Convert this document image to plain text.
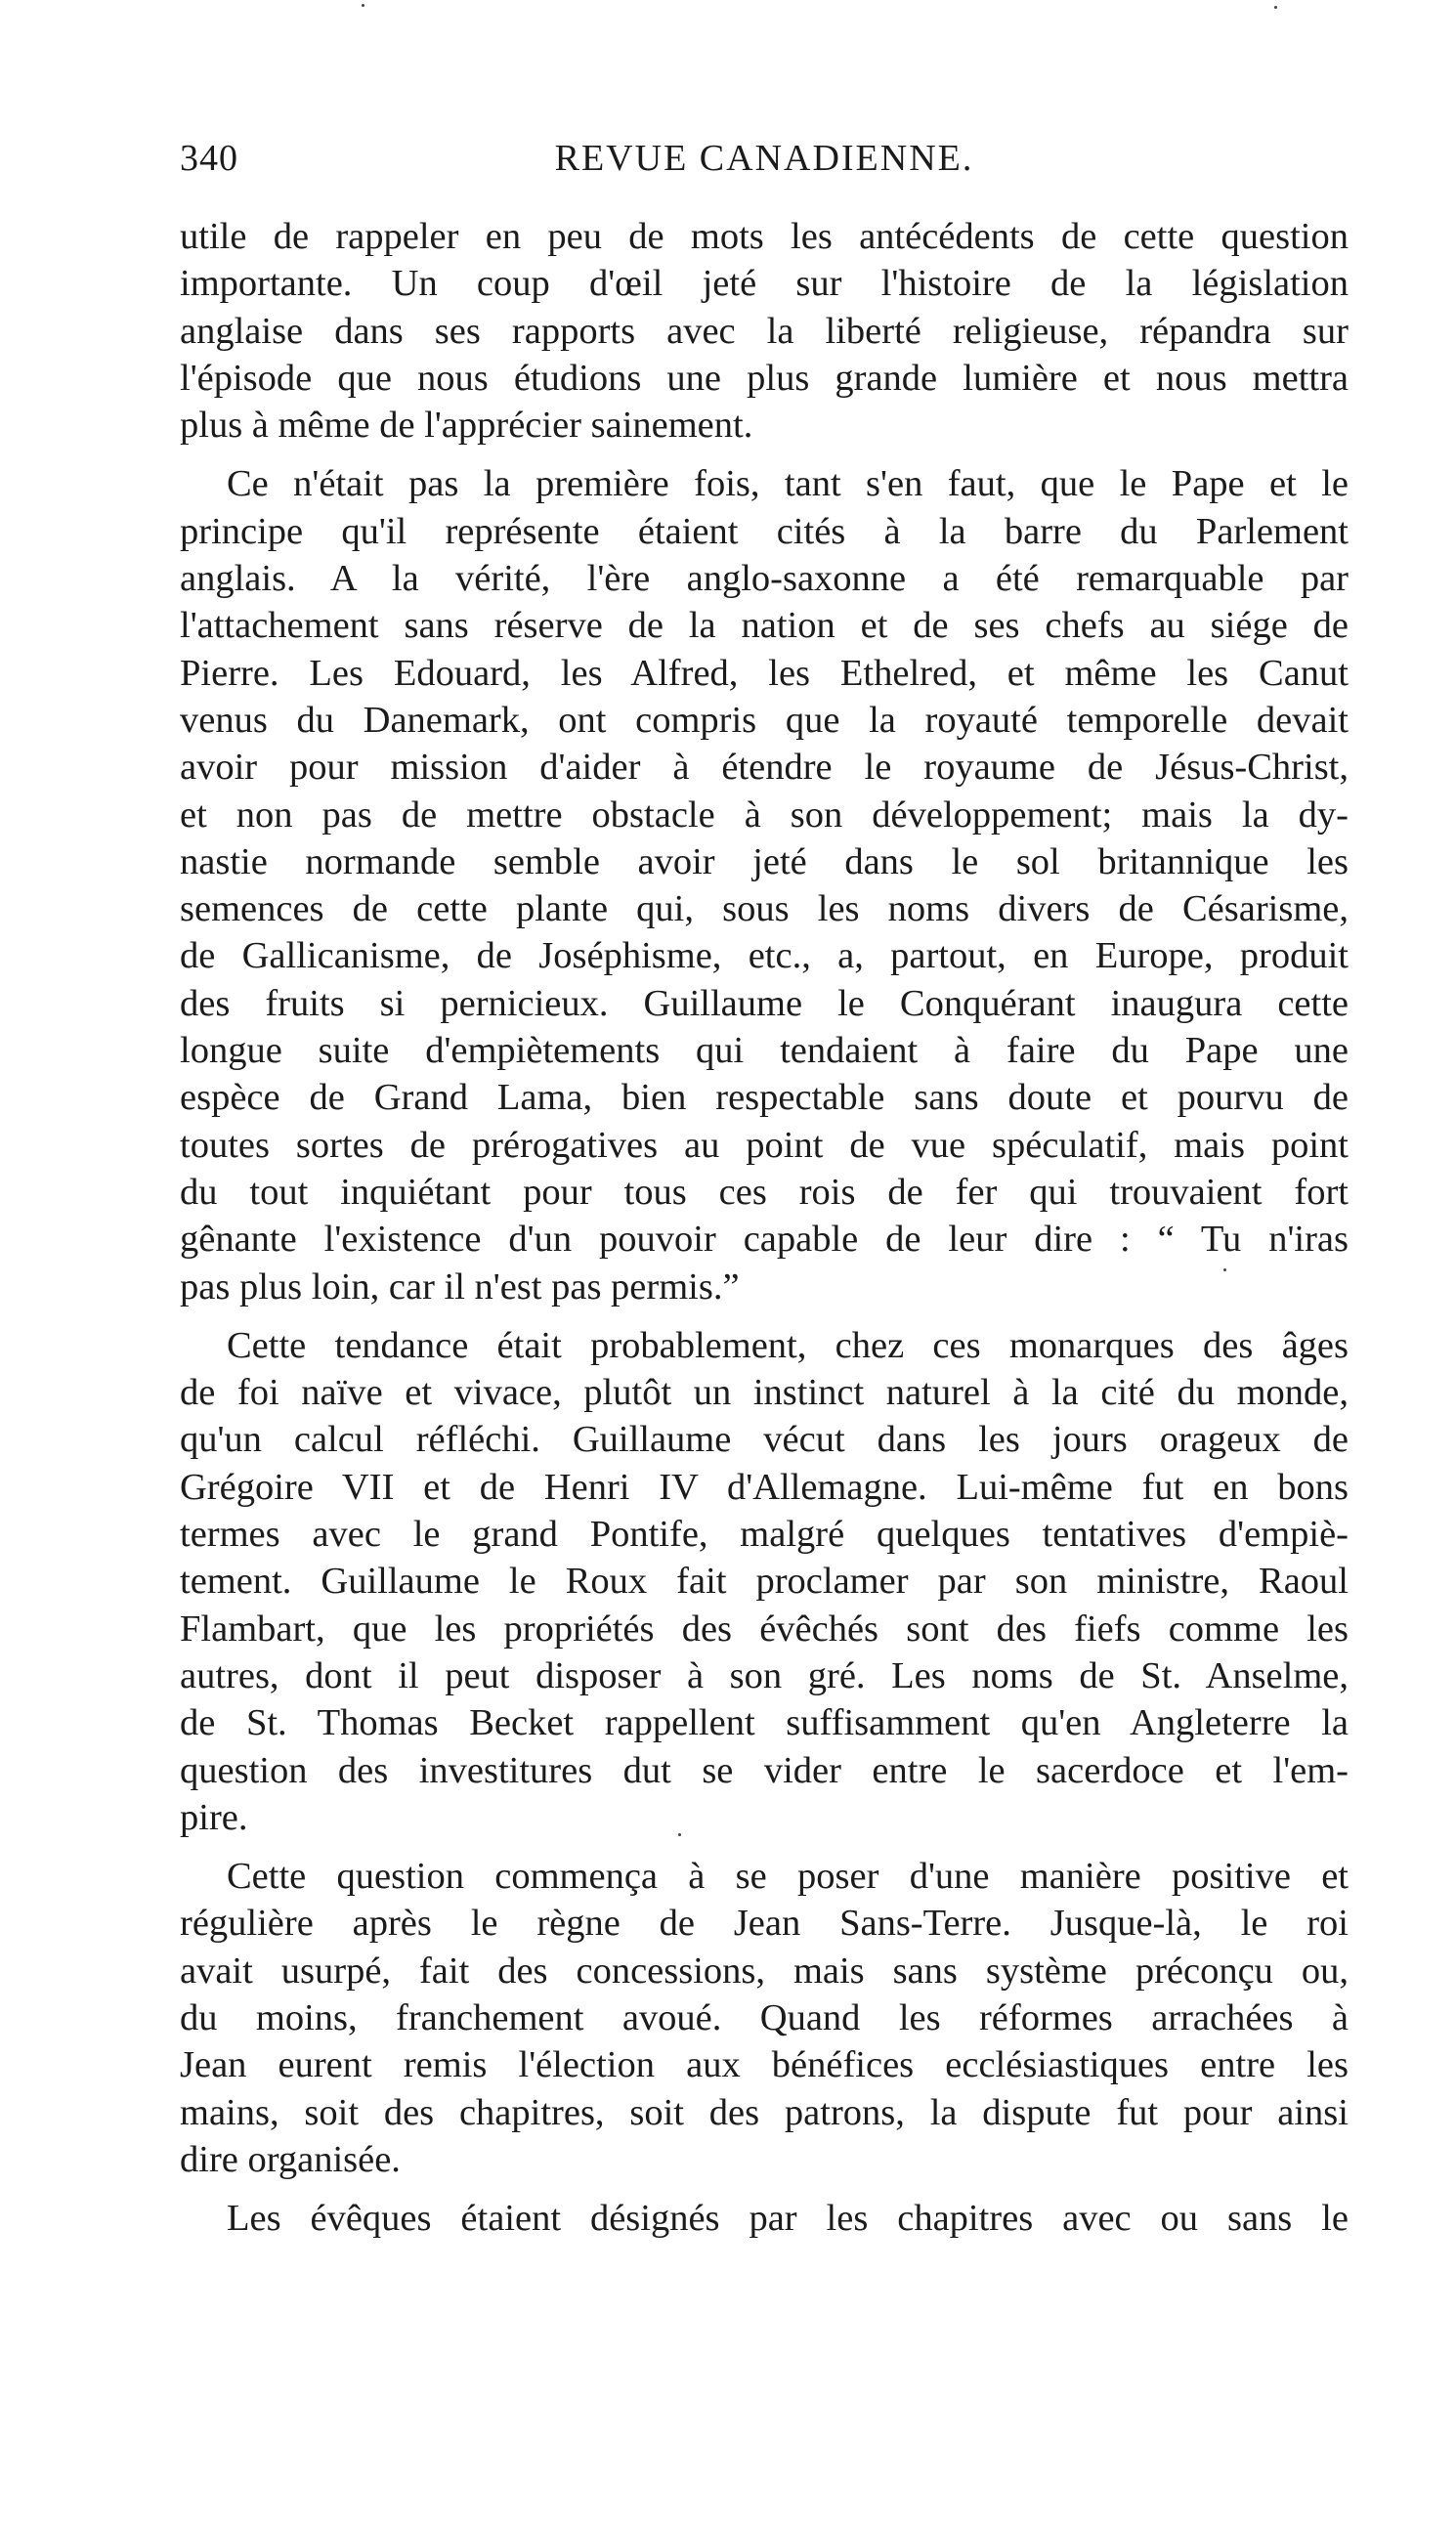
340	REVUE CANADIENNE.

utile de rappeler en peu de mots les antécédents de cette question
importante. Un coup d'œil jeté sur l'histoire de la législation
anglaise dans ses rapports avec la liberté religieuse, répandra sur
l'épisode que nous étudions une plus grande lumière et nous mettra
plus à même de l'apprécier sainement.

Ce n'était pas la première fois, tant s'en faut, que le Pape et le
principe qu'il représente étaient cités à la barre du Parlement
anglais. A la vérité, l'ère anglo-saxonne a été remarquable par
l'attachement sans réserve de la nation et de ses chefs au siége de
Pierre. Les Edouard, les Alfred, les Ethelred, et même les Canut
venus du Danemark, ont compris que la royauté temporelle devait
avoir pour mission d'aider à étendre le royaume de Jésus-Christ,
et non pas de mettre obstacle à son développement; mais la dy-
nastie normande semble avoir jeté dans le sol britannique les
semences de cette plante qui, sous les noms divers de Césarisme,
de Gallicanisme, de Joséphisme, etc., a, partout, en Europe, produit
des fruits si pernicieux. Guillaume le Conquérant inaugura cette
longue suite d'empiètements qui tendaient à faire du Pape une
espèce de Grand Lama, bien respectable sans doute et pourvu de
toutes sortes de prérogatives au point de vue spéculatif, mais point
du tout inquiétant pour tous ces rois de fer qui trouvaient fort
gênante l'existence d'un pouvoir capable de leur dire : “ Tu n'iras
pas plus loin, car il n'est pas permis.”

Cette tendance était probablement, chez ces monarques des âges
de foi naïve et vivace, plutôt un instinct naturel à la cité du monde,
qu'un calcul réfléchi. Guillaume vécut dans les jours orageux de
Grégoire VII et de Henri IV d'Allemagne. Lui-même fut en bons
termes avec le grand Pontife, malgré quelques tentatives d'empiè-
tement. Guillaume le Roux fait proclamer par son ministre, Raoul
Flambart, que les propriétés des évêchés sont des fiefs comme les
autres, dont il peut disposer à son gré. Les noms de St. Anselme,
de St. Thomas Becket rappellent suffisamment qu'en Angleterre la
question des investitures dut se vider entre le sacerdoce et l'em-
pire.

Cette question commença à se poser d'une manière positive et
régulière après le règne de Jean Sans-Terre. Jusque-là, le roi
avait usurpé, fait des concessions, mais sans système préconçu ou,
du moins, franchement avoué. Quand les réformes arrachées à
Jean eurent remis l'élection aux bénéfices ecclésiastiques entre les
mains, soit des chapitres, soit des patrons, la dispute fut pour ainsi
dire organisée.

Les évêques étaient désignés par les chapitres avec ou sans le
